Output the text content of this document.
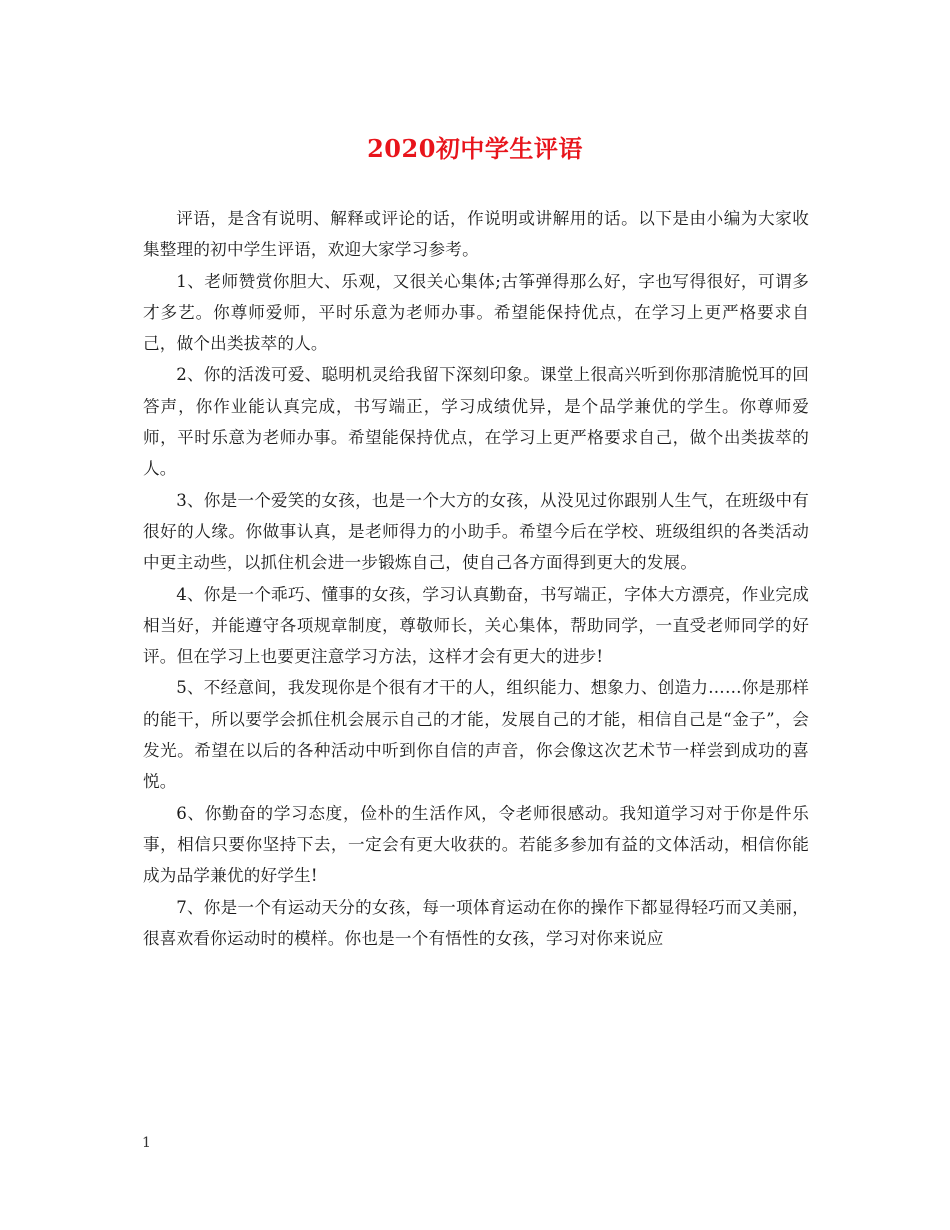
2020初中学生评语

评语，是含有说明、解释或评论的话，作说明或讲解用的话。以下是由小编为大家收集整理的初中学生评语，欢迎大家学习参考。

1、老师赞赏你胆大、乐观，又很关心集体;古筝弹得那么好，字也写得很好，可谓多才多艺。你尊师爱师，平时乐意为老师办事。希望能保持优点，在学习上更严格要求自己，做个出类拔萃的人。

2、你的活泼可爱、聪明机灵给我留下深刻印象。课堂上很高兴听到你那清脆悦耳的回答声，你作业能认真完成，书写端正，学习成绩优异，是个品学兼优的学生。你尊师爱师，平时乐意为老师办事。希望能保持优点，在学习上更严格要求自己，做个出类拔萃的人。

3、你是一个爱笑的女孩，也是一个大方的女孩，从没见过你跟别人生气，在班级中有很好的人缘。你做事认真，是老师得力的小助手。希望今后在学校、班级组织的各类活动中更主动些，以抓住机会进一步锻炼自己，使自己各方面得到更大的发展。

4、你是一个乖巧、懂事的女孩，学习认真勤奋，书写端正，字体大方漂亮，作业完成相当好，并能遵守各项规章制度，尊敬师长，关心集体，帮助同学，一直受老师同学的好评。但在学习上也要更注意学习方法，这样才会有更大的进步!

5、不经意间，我发现你是个很有才干的人，组织能力、想象力、创造力……你是那样的能干，所以要学会抓住机会展示自己的才能，发展自己的才能，相信自己是“金子”，会发光。希望在以后的各种活动中听到你自信的声音，你会像这次艺术节一样尝到成功的喜悦。

6、你勤奋的学习态度，俭朴的生活作风，令老师很感动。我知道学习对于你是件乐事，相信只要你坚持下去，一定会有更大收获的。若能多参加有益的文体活动，相信你能成为品学兼优的好学生!

7、你是一个有运动天分的女孩，每一项体育运动在你的操作下都显得轻巧而又美丽，很喜欢看你运动时的模样。你也是一个有悟性的女孩，学习对你来说应

1
